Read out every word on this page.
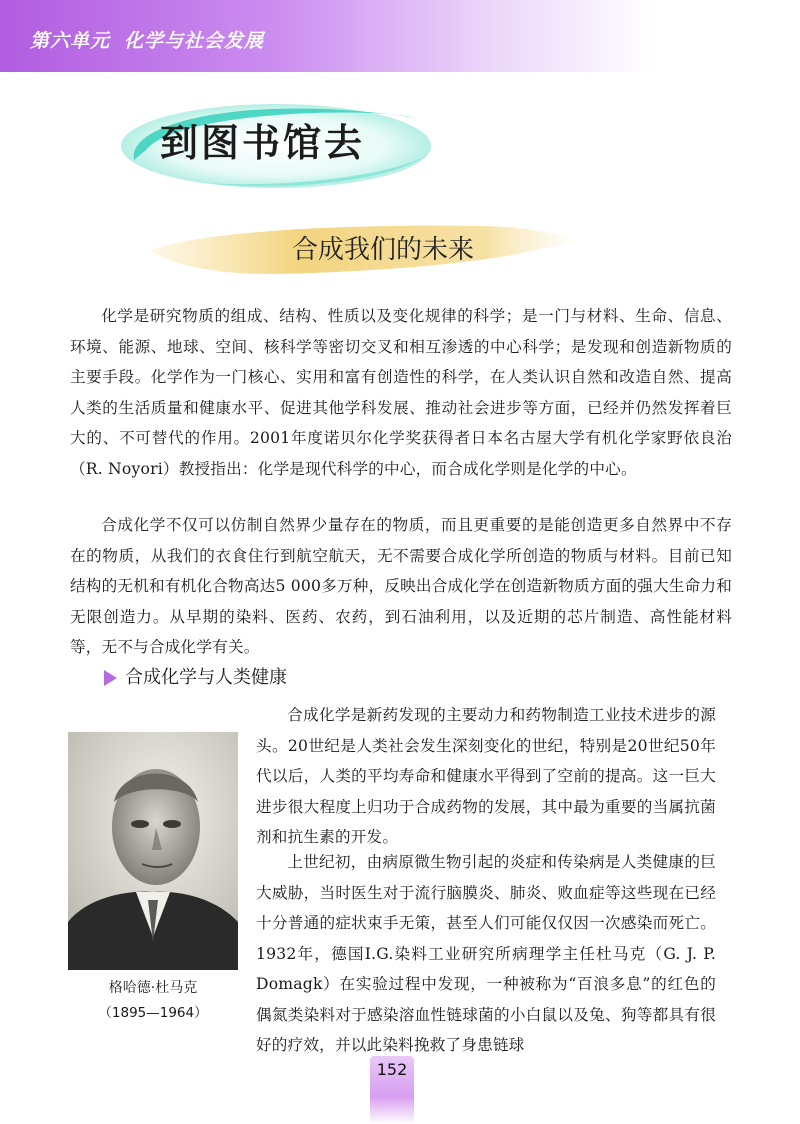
第六单元 化学与社会发展
到图书馆去
合成我们的未来

化学是研究物质的组成、结构、性质以及变化规律的科学；是一门与材料、生命、信息、环境、能源、地球、空间、核科学等密切交叉和相互渗透的中心科学；是发现和创造新物质的主要手段。化学作为一门核心、实用和富有创造性的科学，在人类认识自然和改造自然、提高人类的生活质量和健康水平、促进其他学科发展、推动社会进步等方面，已经并仍然发挥着巨大的、不可替代的作用。2001年度诺贝尔化学奖获得者日本名古屋大学有机化学家野依良治（R. Noyori）教授指出：化学是现代科学的中心，而合成化学则是化学的中心。

合成化学不仅可以仿制自然界少量存在的物质，而且更重要的是能创造更多自然界中不存在的物质，从我们的衣食住行到航空航天，无不需要合成化学所创造的物质与材料。目前已知结构的无机和有机化合物高达5 000多万种，反映出合成化学在创造新物质方面的强大生命力和无限创造力。从早期的染料、医药、农药，到石油利用，以及近期的芯片制造、高性能材料等，无不与合成化学有关。

合成化学与人类健康
格哈德·杜马克
（1895—1964）

合成化学是新药发现的主要动力和药物制造工业技术进步的源头。20世纪是人类社会发生深刻变化的世纪，特别是20世纪50年代以后，人类的平均寿命和健康水平得到了空前的提高。这一巨大进步很大程度上归功于合成药物的发展，其中最为重要的当属抗菌剂和抗生素的开发。

上世纪初，由病原微生物引起的炎症和传染病是人类健康的巨大威胁，当时医生对于流行脑膜炎、肺炎、败血症等这些现在已经十分普通的症状束手无策，甚至人们可能仅仅因一次感染而死亡。1932年，德国I.G.染料工业研究所病理学主任杜马克（G. J. P. Domagk）在实验过程中发现，一种被称为“百浪多息”的红色的偶氮类染料对于感染溶血性链球菌的小白鼠以及兔、狗等都具有很好的疗效，并以此染料挽救了身患链球

152
